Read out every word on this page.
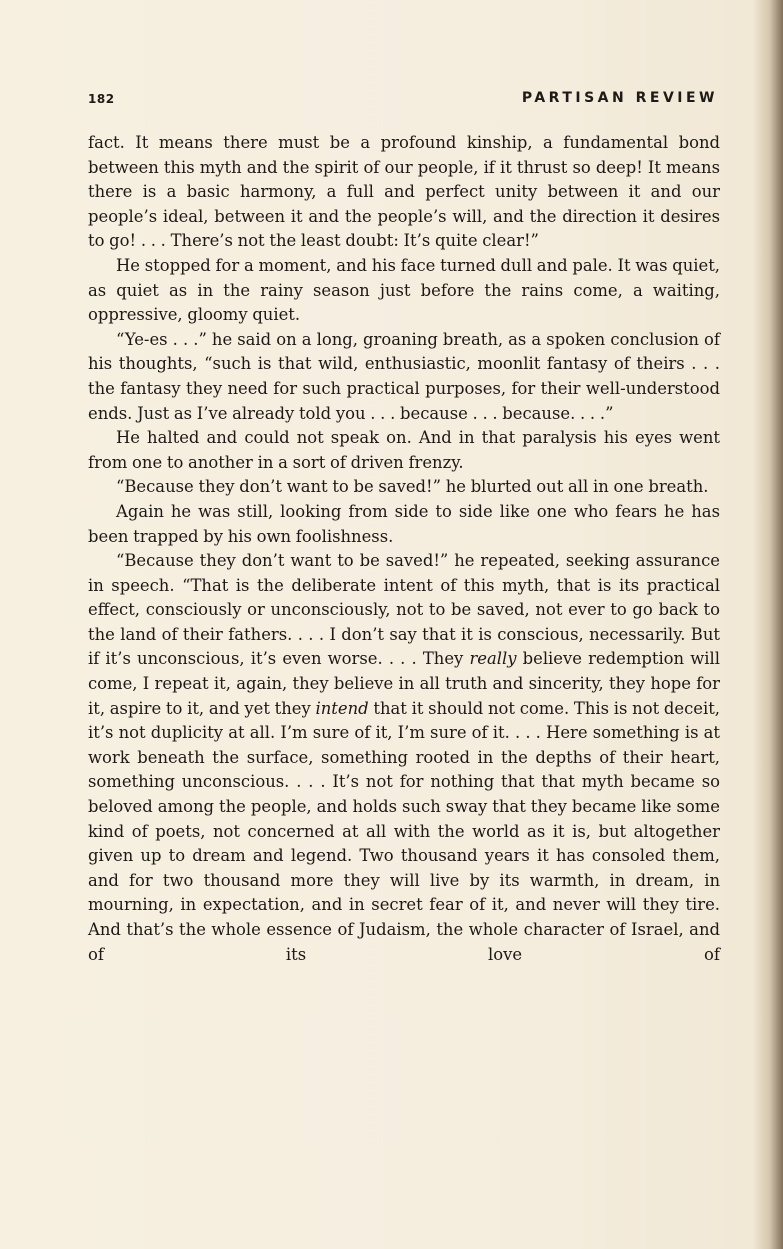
182	PARTISAN REVIEW

fact. It means there must be a profound kinship, a fundamental bond between this myth and the spirit of our people, if it thrust so deep! It means there is a basic harmony, a full and perfect unity between it and our people’s ideal, between it and the people’s will, and the direction it desires to go! . . . There’s not the least doubt: It’s quite clear!”

He stopped for a moment, and his face turned dull and pale. It was quiet, as quiet as in the rainy season just before the rains come, a waiting, oppressive, gloomy quiet.

“Ye-es . . .” he said on a long, groaning breath, as a spoken conclusion of his thoughts, “such is that wild, enthusiastic, moonlit fantasy of theirs . . . the fantasy they need for such practical purposes, for their well-understood ends. Just as I’ve already told you . . . because . . . because. . . .”

He halted and could not speak on. And in that paralysis his eyes went from one to another in a sort of driven frenzy.

“Because they don’t want to be saved!” he blurted out all in one breath.

Again he was still, looking from side to side like one who fears he has been trapped by his own foolishness.

“Because they don’t want to be saved!” he repeated, seeking assurance in speech. “That is the deliberate intent of this myth, that is its practical effect, consciously or unconsciously, not to be saved, not ever to go back to the land of their fathers. . . . I don’t say that it is conscious, necessarily. But if it’s unconscious, it’s even worse. . . . They really believe redemption will come, I repeat it, again, they believe in all truth and sincerity, they hope for it, aspire to it, and yet they intend that it should not come. This is not deceit, it’s not duplicity at all. I’m sure of it, I’m sure of it. . . . Here something is at work beneath the surface, something rooted in the depths of their heart, something unconscious. . . . It’s not for nothing that that myth became so beloved among the people, and holds such sway that they became like some kind of poets, not concerned at all with the world as it is, but altogether given up to dream and legend. Two thousand years it has consoled them, and for two thousand more they will live by its warmth, in dream, in mourning, in expectation, and in secret fear of it, and never will they tire. And that’s the whole essence of Judaism, the whole character of Israel, and of its love of
